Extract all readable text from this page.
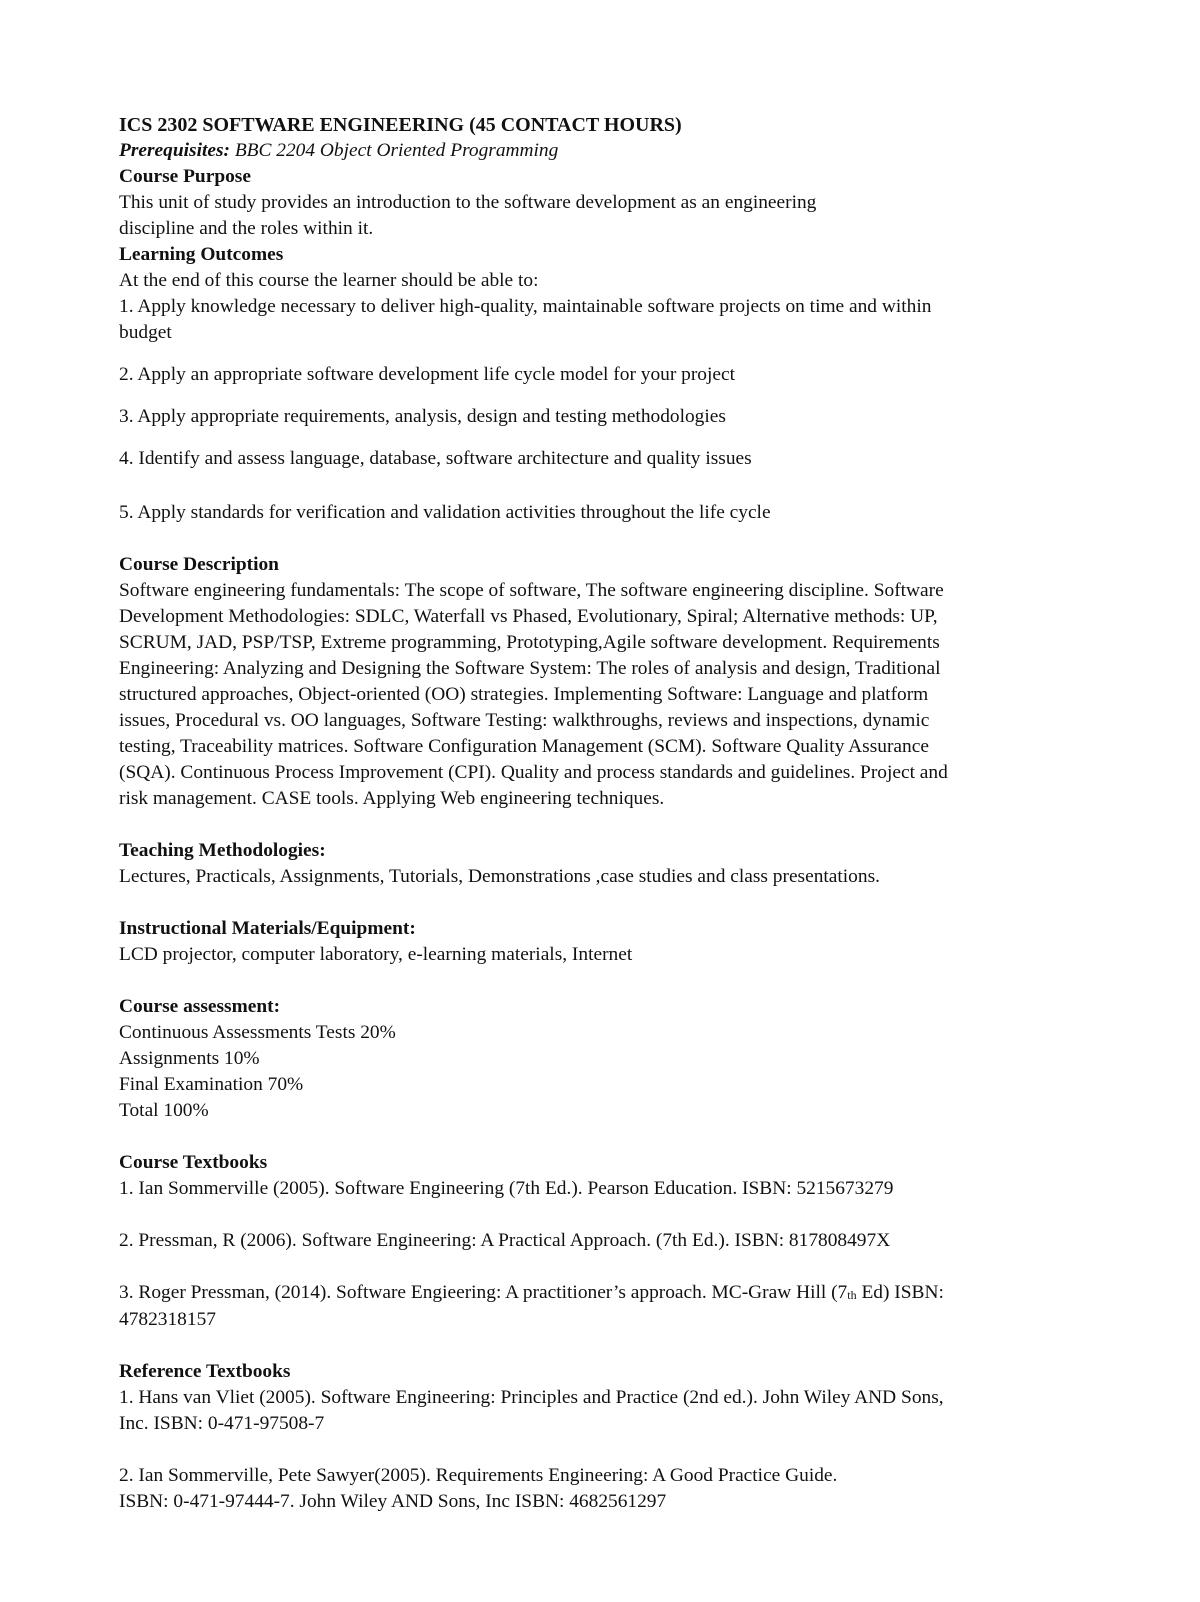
ICS 2302 SOFTWARE ENGINEERING (45 CONTACT HOURS)
Prerequisites: BBC 2204 Object Oriented Programming
Course Purpose
This unit of study provides an introduction to the software development as an engineering
discipline and the roles within it.
Learning Outcomes
At the end of this course the learner should be able to:
1. Apply knowledge necessary to deliver high-quality, maintainable software projects on time and within
budget
2. Apply an appropriate software development life cycle model for your project
3. Apply appropriate requirements, analysis, design and testing methodologies
4. Identify and assess language, database, software architecture and quality issues
5. Apply standards for verification and validation activities throughout the life cycle
Course Description
Software engineering fundamentals: The scope of software, The software engineering discipline. Software
Development Methodologies: SDLC, Waterfall vs Phased, Evolutionary, Spiral; Alternative methods: UP,
SCRUM, JAD, PSP/TSP, Extreme programming, Prototyping,Agile software development. Requirements
Engineering: Analyzing and Designing the Software System: The roles of analysis and design, Traditional
structured approaches, Object-oriented (OO) strategies. Implementing Software: Language and platform
issues, Procedural vs. OO languages, Software Testing: walkthroughs, reviews and inspections, dynamic
testing, Traceability matrices. Software Configuration Management (SCM). Software Quality Assurance
(SQA). Continuous Process Improvement (CPI). Quality and process standards and guidelines. Project and
risk management. CASE tools. Applying Web engineering techniques.
Teaching Methodologies:
Lectures, Practicals, Assignments, Tutorials, Demonstrations ,case studies and class presentations.
Instructional Materials/Equipment:
LCD projector, computer laboratory, e-learning materials, Internet
Course assessment:
Continuous Assessments Tests 20%
Assignments 10%
Final Examination 70%
Total 100%
Course Textbooks
1. Ian Sommerville (2005). Software Engineering (7th Ed.). Pearson Education. ISBN: 5215673279
2. Pressman, R (2006). Software Engineering: A Practical Approach. (7th Ed.). ISBN: 817808497X
3. Roger Pressman, (2014). Software Engieering: A practitioner’s approach. MC-Graw Hill (7th Ed) ISBN:
4782318157
Reference Textbooks
1. Hans van Vliet (2005). Software Engineering: Principles and Practice (2nd ed.). John Wiley AND Sons,
Inc. ISBN: 0-471-97508-7
2. Ian Sommerville, Pete Sawyer(2005). Requirements Engineering: A Good Practice Guide.
ISBN: 0-471-97444-7. John Wiley AND Sons, Inc ISBN: 4682561297
